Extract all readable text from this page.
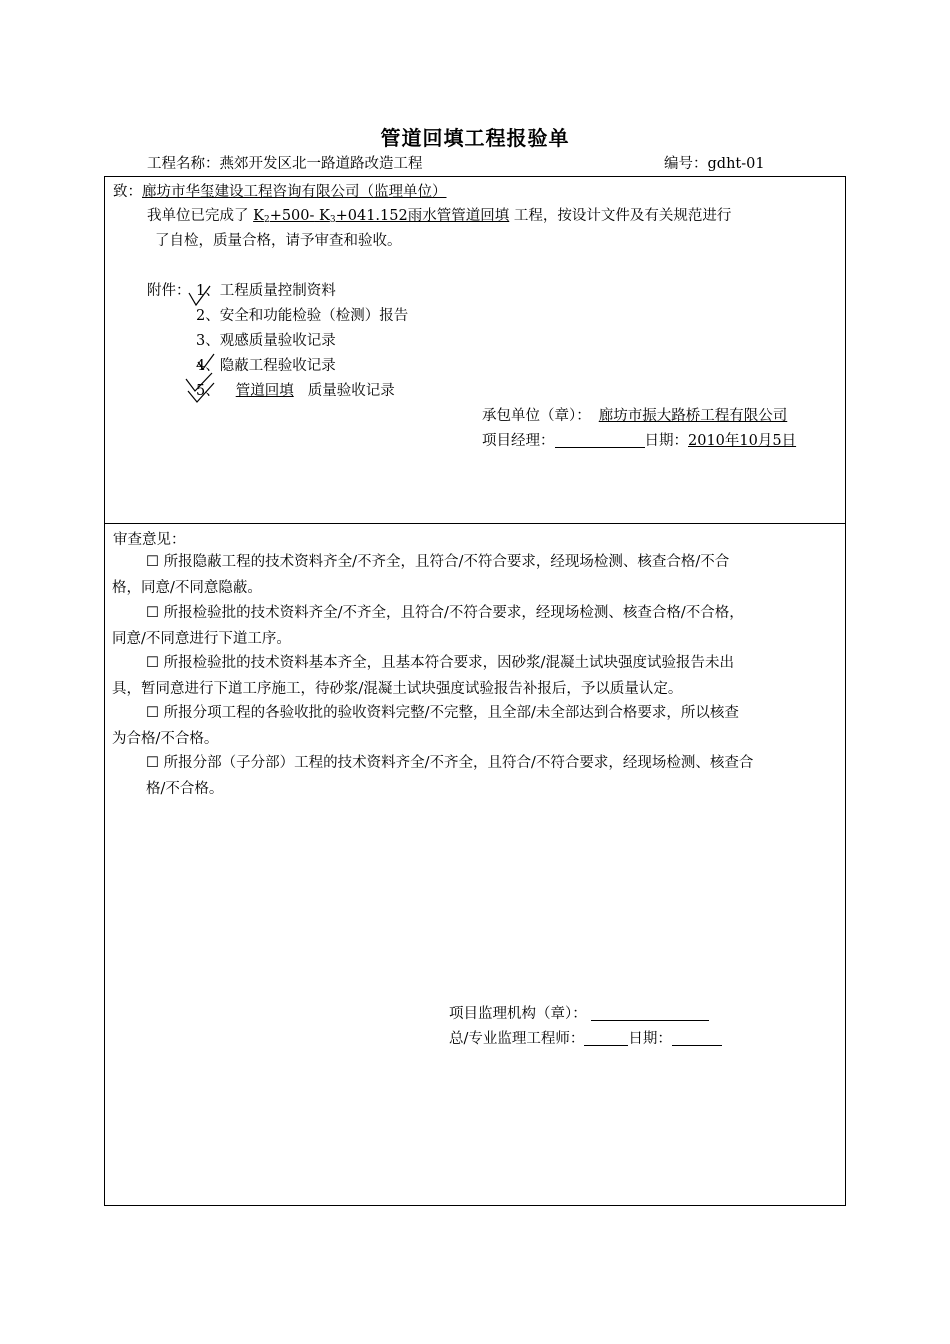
管道回填工程报验单
工程名称：燕郊开发区北一路道路改造工程	编号：gdht-01
致：廊坊市华玺建设工程咨询有限公司（监理单位）
我单位已完成了 $K_2+500-$ $K_3+041.152$雨水管管道回填 工程，按设计文件及有关规范进行
了自检，质量合格，请予审查和验收。
附件： 1、工程质量控制资料
2、安全和功能检验（检测）报告
3、观感质量验收记录
4、隐蔽工程验收记录
5、 管道回填 质量验收记录
承包单位（章）： 廊坊市振大路桥工程有限公司
项目经理：	日期：2010年10月5日
审查意见：
☐ 所报隐蔽工程的技术资料齐全/不齐全，且符合/不符合要求，经现场检测、核查合格/不合
格，同意/不同意隐蔽。
☐ 所报检验批的技术资料齐全/不齐全，且符合/不符合要求，经现场检测、核查合格/不合格，
同意/不同意进行下道工序。
☐ 所报检验批的技术资料基本齐全，且基本符合要求，因砂浆/混凝土试块强度试验报告未出
具，暂同意进行下道工序施工，待砂浆/混凝土试块强度试验报告补报后，予以质量认定。
☐ 所报分项工程的各验收批的验收资料完整/不完整，且全部/未全部达到合格要求，所以核查
为合格/不合格。
☐ 所报分部（子分部）工程的技术资料齐全/不齐全，且符合/不符合要求，经现场检测、核查合
格/不合格。
项目监理机构（章）：
总/专业监理工程师：	日期：
